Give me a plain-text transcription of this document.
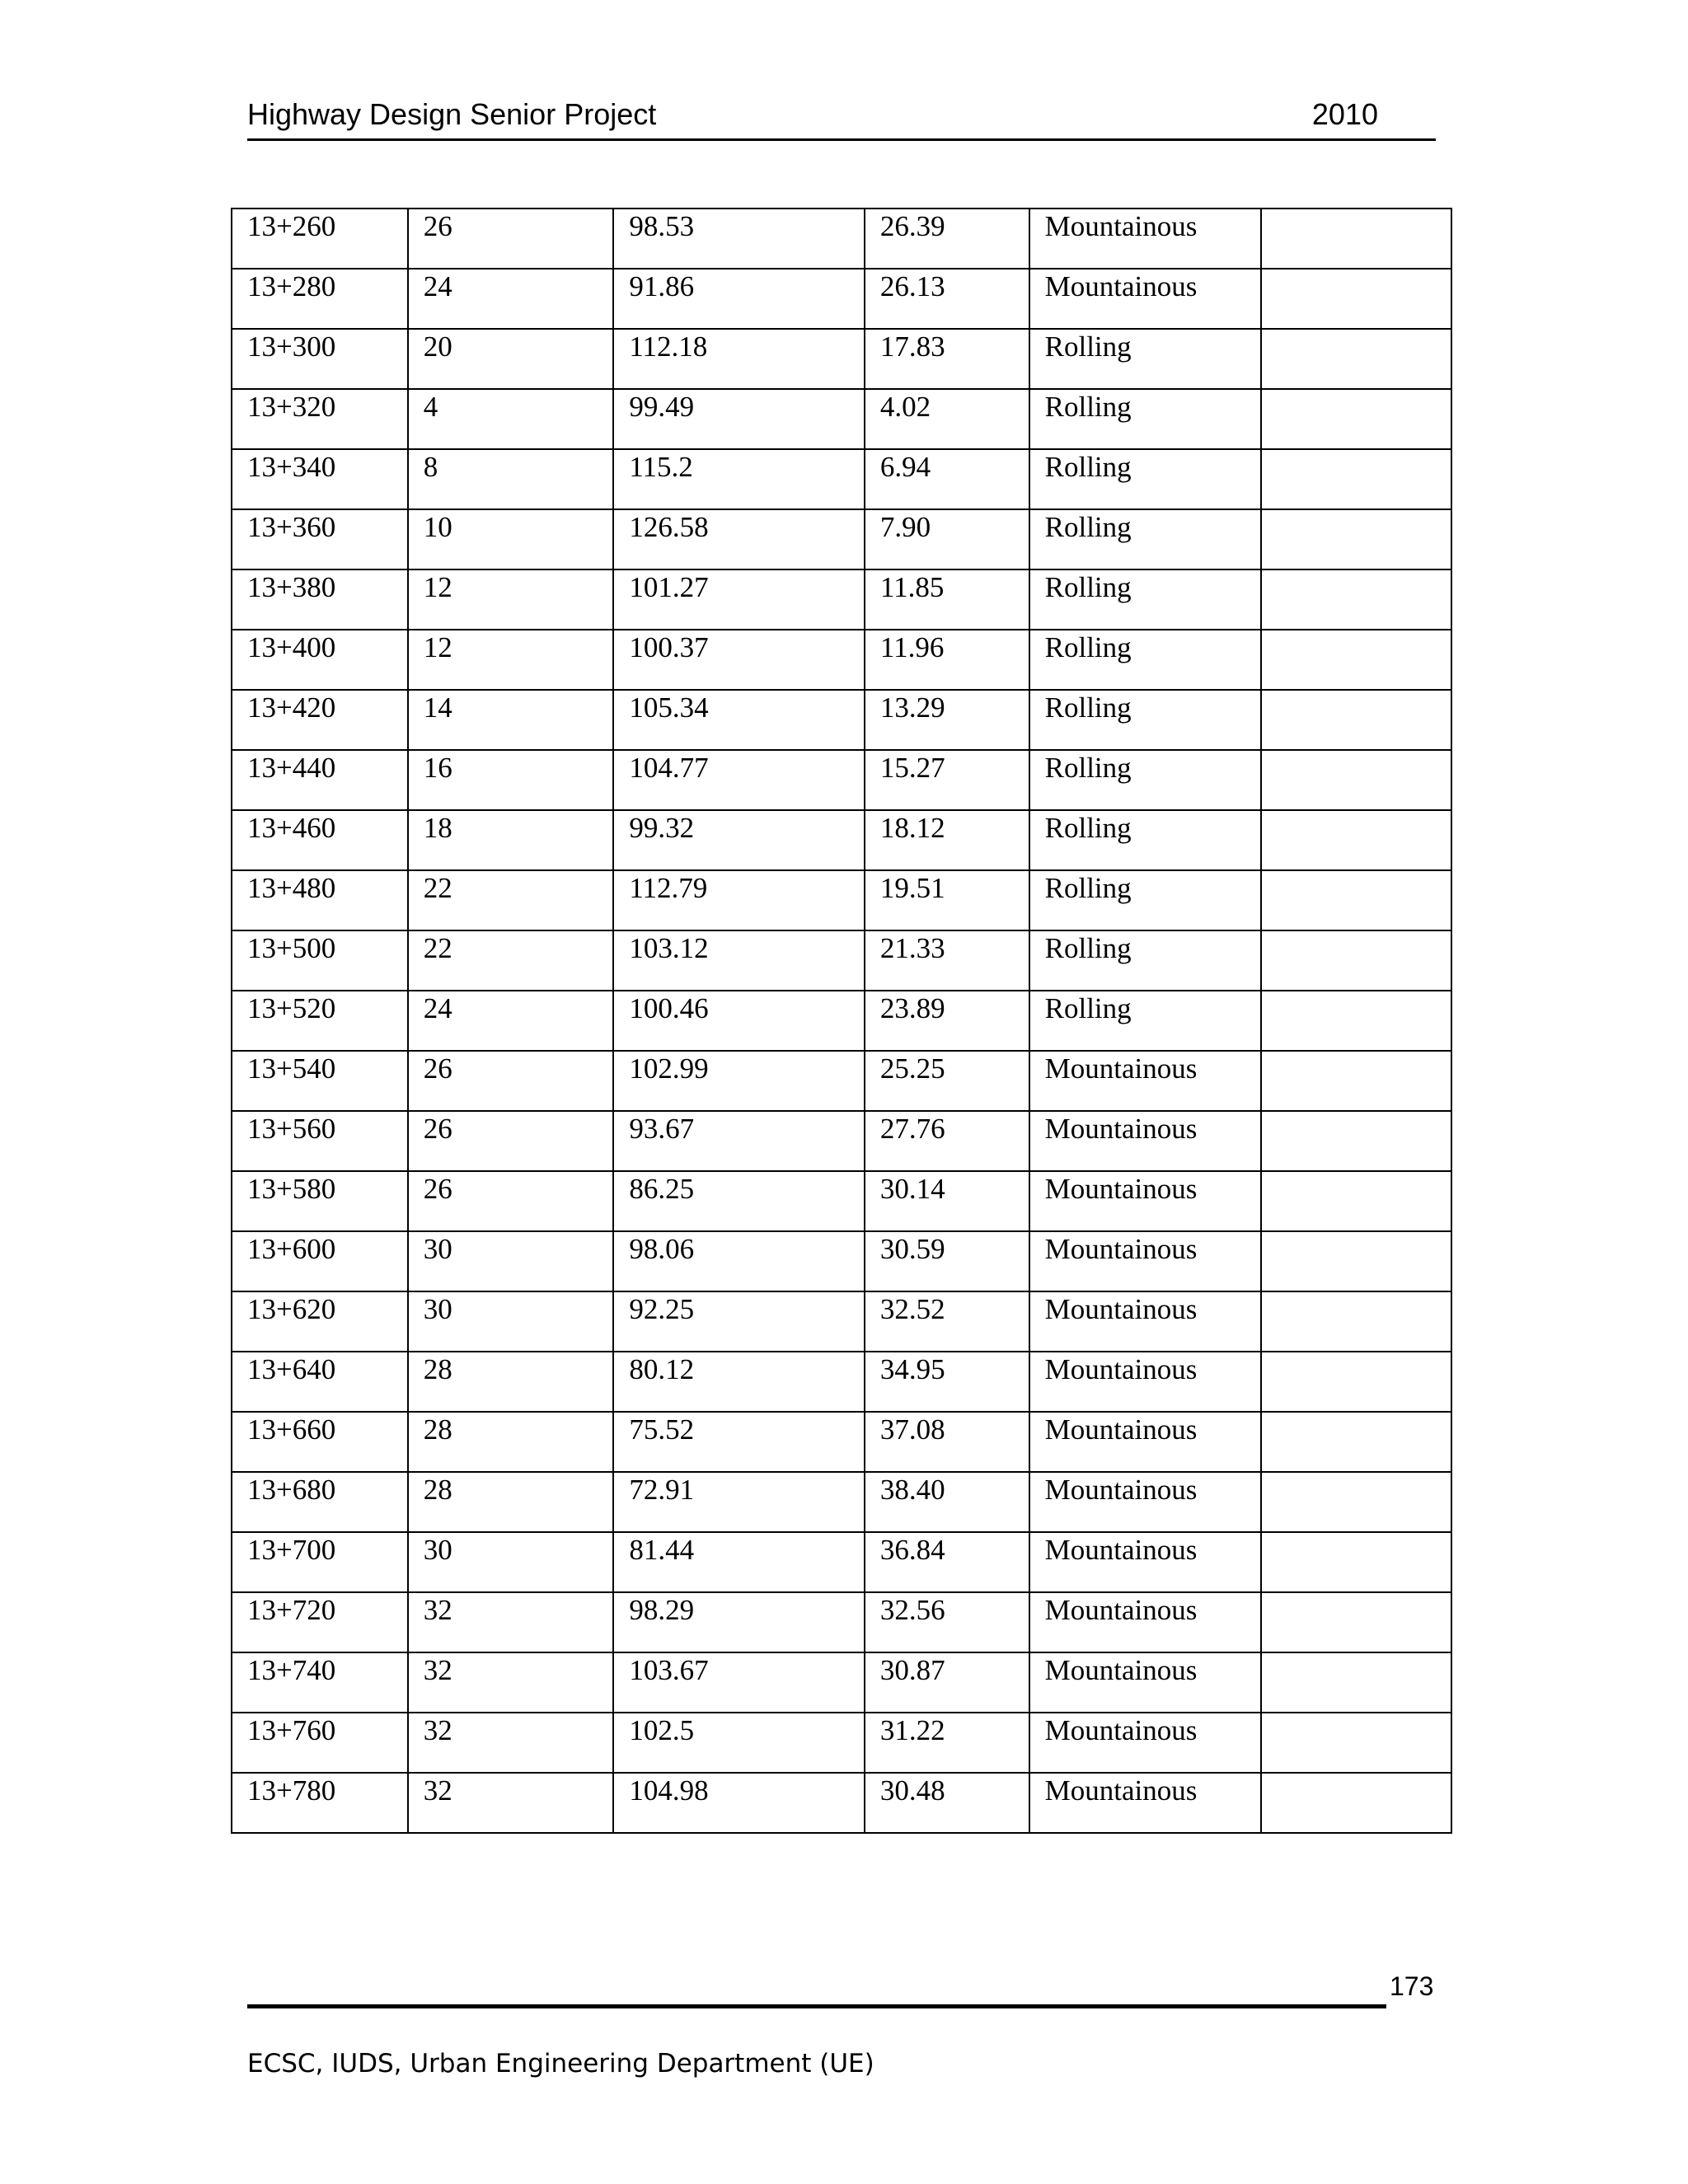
Highway Design Senior Project	2010
13+260	26	98.53	26.39	Mountainous	
13+280	24	91.86	26.13	Mountainous	
13+300	20	112.18	17.83	Rolling	
13+320	4	99.49	4.02	Rolling	
13+340	8	115.2	6.94	Rolling	
13+360	10	126.58	7.90	Rolling	
13+380	12	101.27	11.85	Rolling	
13+400	12	100.37	11.96	Rolling	
13+420	14	105.34	13.29	Rolling	
13+440	16	104.77	15.27	Rolling	
13+460	18	99.32	18.12	Rolling	
13+480	22	112.79	19.51	Rolling	
13+500	22	103.12	21.33	Rolling	
13+520	24	100.46	23.89	Rolling	
13+540	26	102.99	25.25	Mountainous	
13+560	26	93.67	27.76	Mountainous	
13+580	26	86.25	30.14	Mountainous	
13+600	30	98.06	30.59	Mountainous	
13+620	30	92.25	32.52	Mountainous	
13+640	28	80.12	34.95	Mountainous	
13+660	28	75.52	37.08	Mountainous	
13+680	28	72.91	38.40	Mountainous	
13+700	30	81.44	36.84	Mountainous	
13+720	32	98.29	32.56	Mountainous	
13+740	32	103.67	30.87	Mountainous	
13+760	32	102.5	31.22	Mountainous	
13+780	32	104.98	30.48	Mountainous	
173
ECSC, IUDS, Urban Engineering Department (UE)
